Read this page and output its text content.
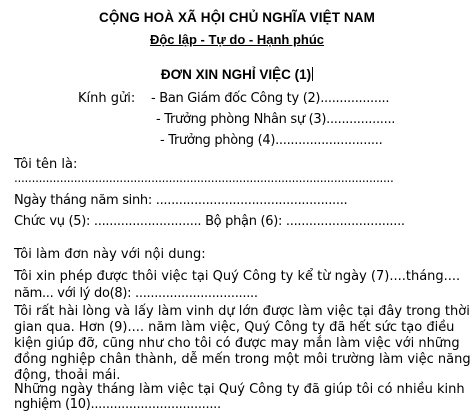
CỘNG HOÀ XÃ HỘI CHỦ NGHĨA VIỆT NAM
Độc lập - Tự do - Hạnh phúc
ĐƠN XIN NGHỈ VIỆC (1)
Kính gửi: - Ban Giám đốc Công ty (2)..................
- Trưởng phòng Nhân sự (3)..................
- Trưởng phòng (4)............................
Tôi tên là:
............................................................................................................
Ngày tháng năm sinh: ..................................................
Chức vụ (5): ............................ Bộ phận (6): ...............................
Tôi làm đơn này với nội dung:
Tôi xin phép được thôi việc tại Quý Công ty kể từ ngày (7)....tháng....
năm... với lý do(8): ................................
Tôi rất hài lòng và lấy làm vinh dự lớn được làm việc tại đây trong thời
gian qua. Hơn (9).... năm làm việc, Quý Công ty đã hết sức tạo điều
kiện giúp đỡ, cũng như cho tôi có được may mắn làm việc với những
đồng nghiệp chân thành, dễ mến trong một môi trường làm việc năng
động, thoải mái.
Những ngày tháng làm việc tại Quý Công ty đã giúp tôi có nhiều kinh
nghiệm (10)..................................
